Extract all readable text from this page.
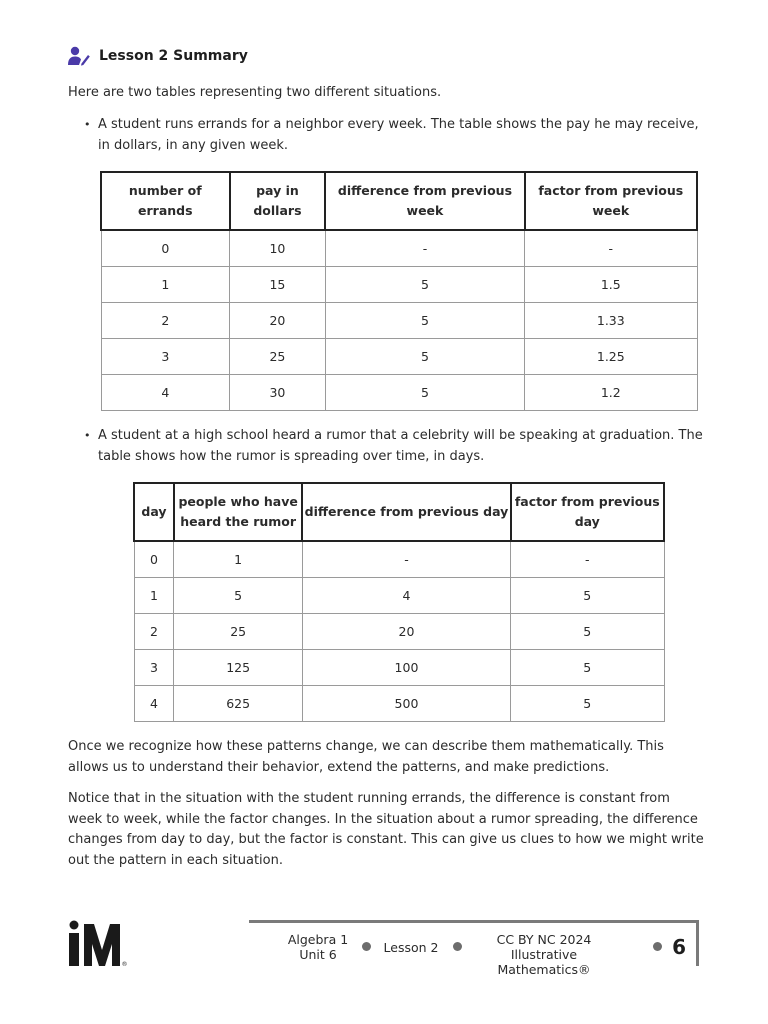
Lesson 2 Summary

Here are two tables representing two different situations.

• A student runs errands for a neighbor every week. The table shows the pay he may receive, in dollars, in any given week.
number of errands	pay in dollars	difference from previous week	factor from previous week
0	10	-	-
1	15	5	1.5
2	20	5	1.33
3	25	5	1.25
4	30	5	1.2
• A student at a high school heard a rumor that a celebrity will be speaking at graduation. The table shows how the rumor is spreading over time, in days.
day	people who have heard the rumor	difference from previous day	factor from previous day
0	1	-	-
1	5	4	5
2	25	20	5
3	125	100	5
4	625	500	5

Once we recognize how these patterns change, we can describe them mathematically. This allows us to understand their behavior, extend the patterns, and make predictions.

Notice that in the situation with the student running errands, the difference is constant from week to week, while the factor changes. In the situation about a rumor spreading, the difference changes from day to day, but the factor is constant. This can give us clues to how we might write out the pattern in each situation.

®
Algebra 1
Unit 6	Lesson 2
CC BY NC 2024
Illustrative Mathematics®
6
